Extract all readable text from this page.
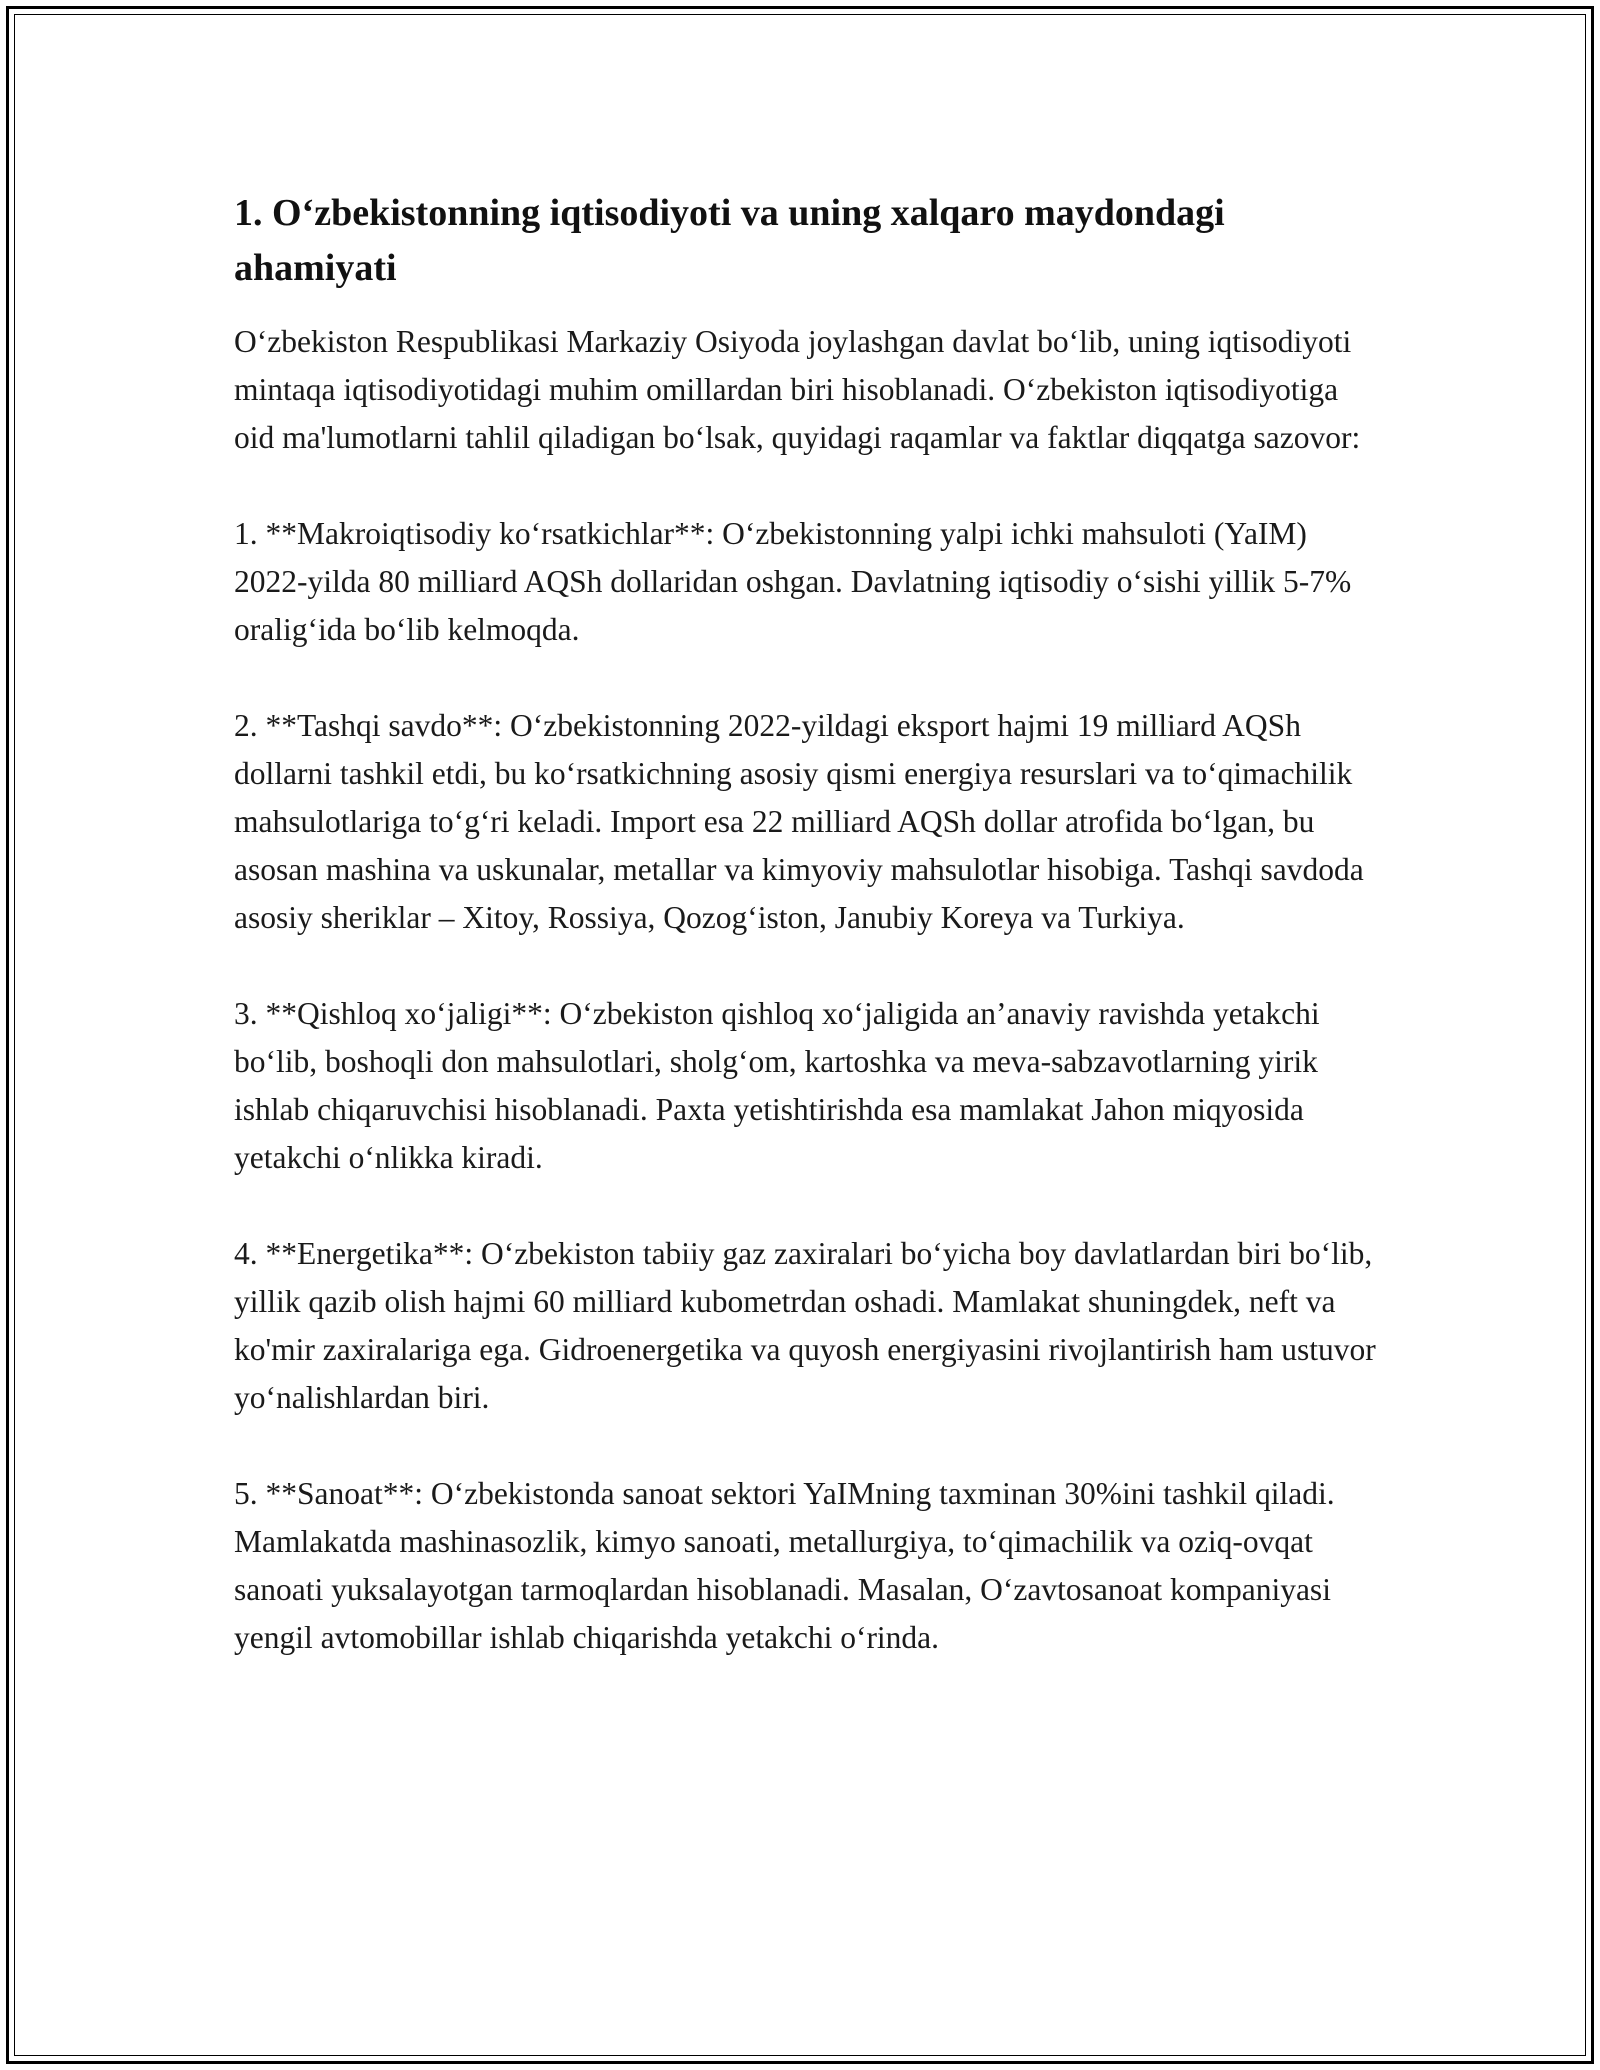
1. O‘zbekistonning iqtisodiyoti va uning xalqaro maydondagi ahamiyati

O‘zbekiston Respublikasi Markaziy Osiyoda joylashgan davlat bo‘lib, uning iqtisodiyoti mintaqa iqtisodiyotidagi muhim omillardan biri hisoblanadi. O‘zbekiston iqtisodiyotiga oid ma'lumotlarni tahlil qiladigan bo‘lsak, quyidagi raqamlar va faktlar diqqatga sazovor:

1. **Makroiqtisodiy ko‘rsatkichlar**: O‘zbekistonning yalpi ichki mahsuloti (YaIM) 2022-yilda 80 milliard AQSh dollaridan oshgan. Davlatning iqtisodiy o‘sishi yillik 5-7% oralig‘ida bo‘lib kelmoqda.

2. **Tashqi savdo**: O‘zbekistonning 2022-yildagi eksport hajmi 19 milliard AQSh dollarni tashkil etdi, bu ko‘rsatkichning asosiy qismi energiya resurslari va to‘qimachilik mahsulotlariga to‘g‘ri keladi. Import esa 22 milliard AQSh dollar atrofida bo‘lgan, bu asosan mashina va uskunalar, metallar va kimyoviy mahsulotlar hisobiga. Tashqi savdoda asosiy sheriklar – Xitoy, Rossiya, Qozog‘iston, Janubiy Koreya va Turkiya.

3. **Qishloq xo‘jaligi**: O‘zbekiston qishloq xo‘jaligida an’anaviy ravishda yetakchi bo‘lib, boshoqli don mahsulotlari, sholg‘om, kartoshka va meva-sabzavotlarning yirik ishlab chiqaruvchisi hisoblanadi. Paxta yetishtirishda esa mamlakat Jahon miqyosida yetakchi o‘nlikka kiradi.

4. **Energetika**: O‘zbekiston tabiiy gaz zaxiralari bo‘yicha boy davlatlardan biri bo‘lib, yillik qazib olish hajmi 60 milliard kubometrdan oshadi. Mamlakat shuningdek, neft va ko'mir zaxiralariga ega. Gidroenergetika va quyosh energiyasini rivojlantirish ham ustuvor yo‘nalishlardan biri.

5. **Sanoat**: O‘zbekistonda sanoat sektori YaIMning taxminan 30%ini tashkil qiladi. Mamlakatda mashinasozlik, kimyo sanoati, metallurgiya, to‘qimachilik va oziq-ovqat sanoati yuksalayotgan tarmoqlardan hisoblanadi. Masalan, O‘zavtosanoat kompaniyasi yengil avtomobillar ishlab chiqarishda yetakchi o‘rinda.
